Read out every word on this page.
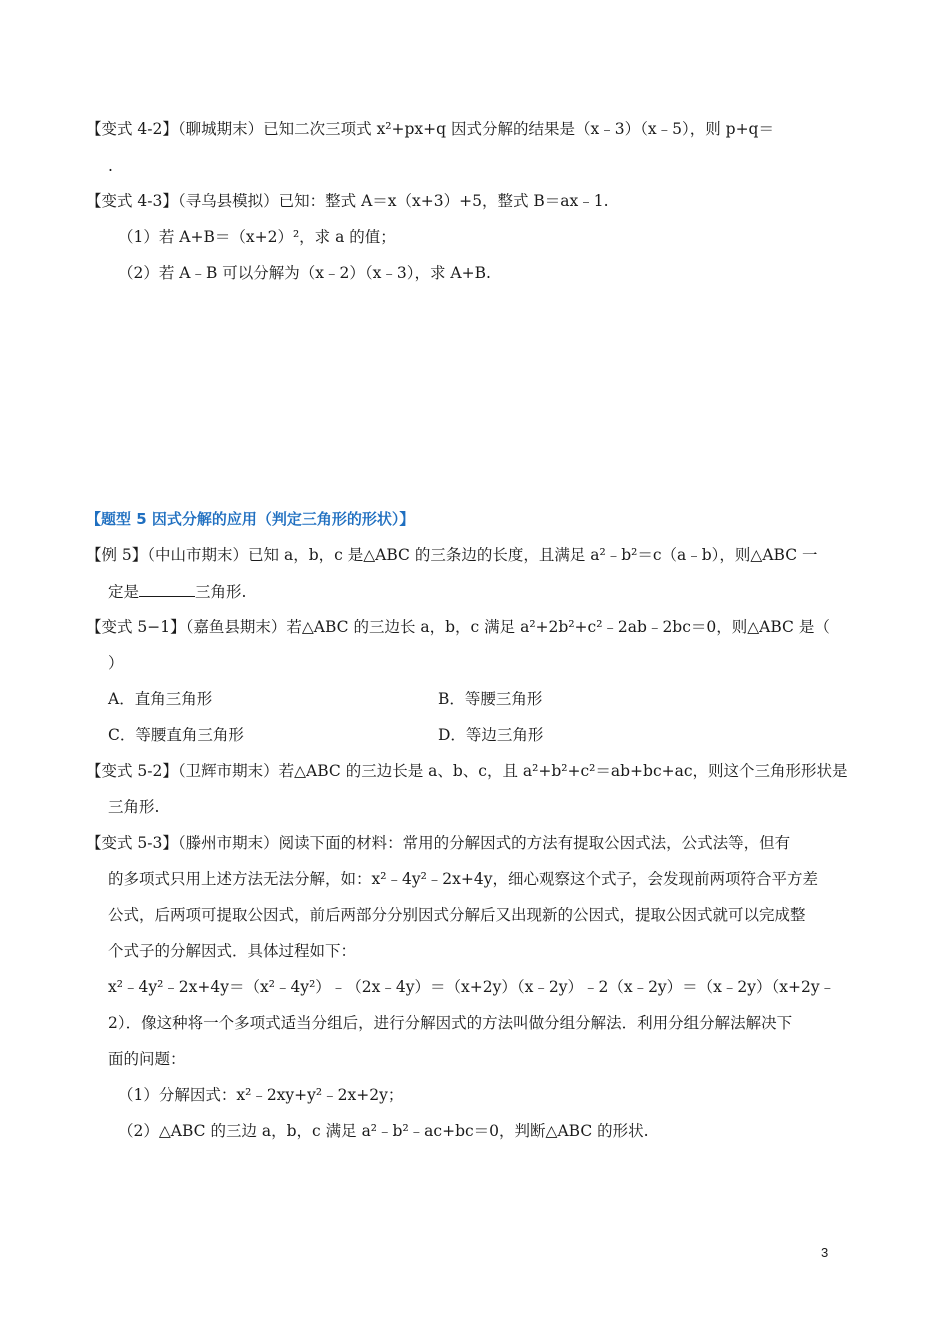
【变式 4-2】（聊城期末）已知二次三项式 x²+px+q 因式分解的结果是（x﹣3）（x﹣5），则 p+q＝
.
【变式 4-3】（寻乌县模拟）已知：整式 A＝x（x+3）+5，整式 B＝ax﹣1.
（1）若 A+B＝（x+2）²，求 a 的值；
（2）若 A﹣B 可以分解为（x﹣2）（x﹣3），求 A+B.
【题型 5 因式分解的应用（判定三角形的形状）】
【例 5】（中山市期末）已知 a，b，c 是△ABC 的三条边的长度，且满足 a²﹣b²＝c（a﹣b），则△ABC 一
定是	三角形.
【变式 5−1】（嘉鱼县期末）若△ABC 的三边长 a，b，c 满足 a²+2b²+c²﹣2ab﹣2bc＝0，则△ABC 是（
）
A．直角三角形	B．等腰三角形
C．等腰直角三角形	D．等边三角形
【变式 5-2】（卫辉市期末）若△ABC 的三边长是 a、b、c，且 a²+b²+c²＝ab+bc+ac，则这个三角形形状是
三角形.
【变式 5-3】（滕州市期末）阅读下面的材料：常用的分解因式的方法有提取公因式法，公式法等，但有
的多项式只用上述方法无法分解，如：x²﹣4y²﹣2x+4y，细心观察这个式子，会发现前两项符合平方差
公式，后两项可提取公因式，前后两部分分别因式分解后又出现新的公因式，提取公因式就可以完成整
个式子的分解因式．具体过程如下：
x²﹣4y²﹣2x+4y＝（x²﹣4y²）﹣（2x﹣4y）＝（x+2y）（x﹣2y）﹣2（x﹣2y）＝（x﹣2y）（x+2y﹣
2）．像这种将一个多项式适当分组后，进行分解因式的方法叫做分组分解法．利用分组分解法解决下
面的问题：
（1）分解因式：x²﹣2xy+y²﹣2x+2y；
（2）△ABC 的三边 a，b，c 满足 a²﹣b²﹣ac+bc＝0，判断△ABC 的形状.
3
